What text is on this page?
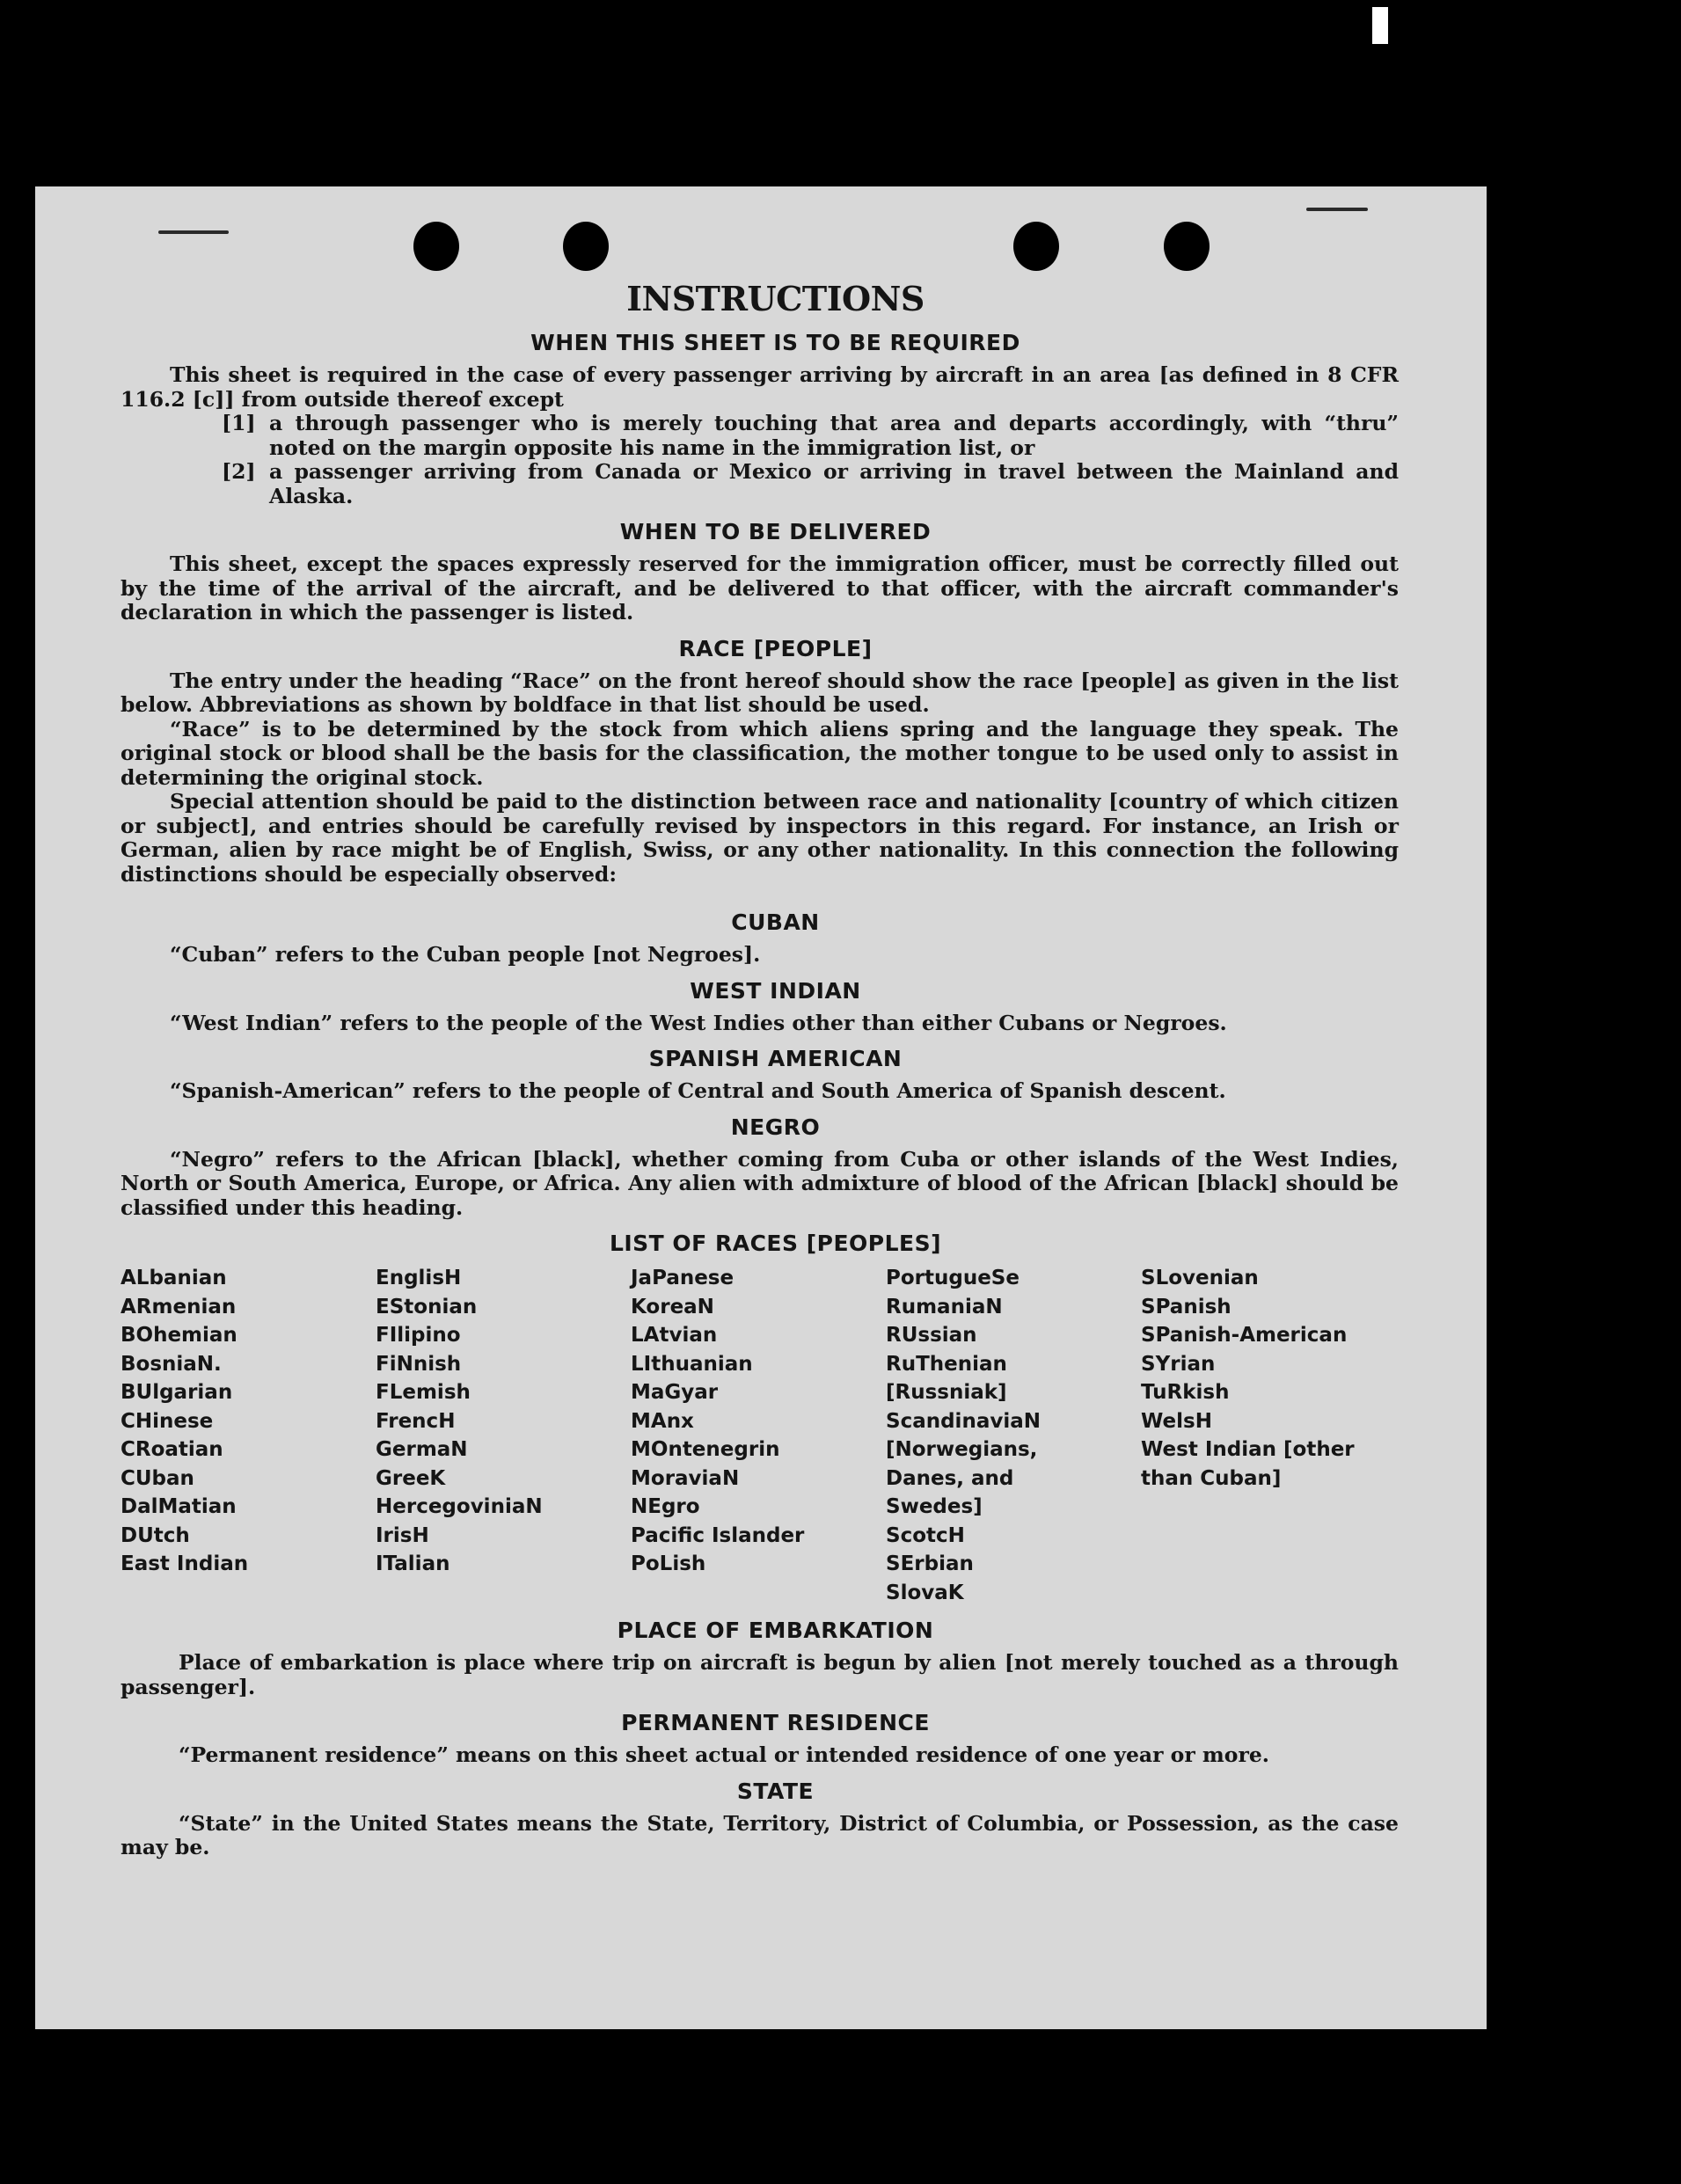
INSTRUCTIONS
WHEN THIS SHEET IS TO BE REQUIRED

This sheet is required in the case of every passenger arriving by aircraft in an area [as defined in 8 CFR 116.2 [c]] from outside thereof except

[1] a through passenger who is merely touching that area and departs accordingly, with “thru” noted on the margin opposite his name in the immigration list, or
[2] a passenger arriving from Canada or Mexico or arriving in travel between the Mainland and Alaska.
WHEN TO BE DELIVERED

This sheet, except the spaces expressly reserved for the immigration officer, must be correctly filled out by the time of the arrival of the aircraft, and be delivered to that officer, with the aircraft commander's declaration in which the passenger is listed.

RACE [PEOPLE]

The entry under the heading “Race” on the front hereof should show the race [people] as given in the list below. Abbreviations as shown by boldface in that list should be used.

“Race” is to be determined by the stock from which aliens spring and the language they speak. The original stock or blood shall be the basis for the classification, the mother tongue to be used only to assist in determining the original stock.

Special attention should be paid to the distinction between race and nationality [country of which citizen or subject], and entries should be carefully revised by inspectors in this regard. For instance, an Irish or German, alien by race might be of English, Swiss, or any other nationality. In this connection the following distinctions should be especially observed:

CUBAN

“Cuban” refers to the Cuban people [not Negroes].

WEST INDIAN

“West Indian” refers to the people of the West Indies other than either Cubans or Negroes.

SPANISH AMERICAN

“Spanish-American” refers to the people of Central and South America of Spanish descent.

NEGRO

“Negro” refers to the African [black], whether coming from Cuba or other islands of the West Indies, North or South America, Europe, or Africa. Any alien with admixture of blood of the African [black] should be classified under this heading.

LIST OF RACES [PEOPLES]
ALbanian
ARmenian
BOhemian
BosniaN.
BUlgarian
CHinese
CRoatian
CUban
DalMatian
DUtch
East Indian
EnglisH
EStonian
FIlipino
FiNnish
FLemish
FrencH
GermaN
GreeK
HercegoviniaN
IrisH
ITalian
JaPanese
KoreaN
LAtvian
LIthuanian
MaGyar
MAnx
MOntenegrin
MoraviaN
NEgro
Pacific Islander
PoLish
PortugueSe
RumaniaN
RUssian
RuThenian [Russniak]
ScandinaviaN [Norwegians, Danes, and Swedes]
ScotcH
SErbian
SlovaK
SLovenian
SPanish
SPanish-American
SYrian
TuRkish
WelsH
West Indian [other than Cuban]
PLACE OF EMBARKATION

Place of embarkation is place where trip on aircraft is begun by alien [not merely touched as a through passenger].

PERMANENT RESIDENCE

“Permanent residence” means on this sheet actual or intended residence of one year or more.

STATE

“State” in the United States means the State, Territory, District of Columbia, or Possession, as the case may be.
